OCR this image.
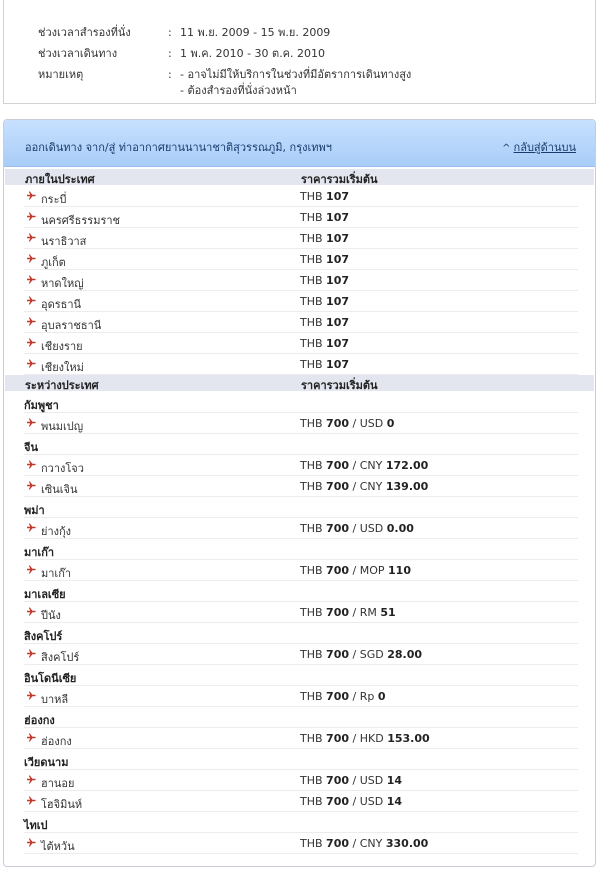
ช่วงเวลาสำรองที่นั่ง	: 11 พ.ย. 2009 - 15 พ.ย. 2009
ช่วงเวลาเดินทาง	: 1 พ.ค. 2010 - 30 ต.ค. 2010
หมายเหตุ	: - อาจไม่มีให้บริการในช่วงที่มีอัตราการเดินทางสูง
- ต้องสำรองที่นั่งล่วงหน้า
ออกเดินทาง จาก/สู่ ท่าอากาศยานนานาชาติสุวรรณภูมิ, กรุงเทพฯ	^ กลับสู่ด้านบน
ภายในประเทศ	ราคารวมเริ่มต้น
กระบี่	THB 107
นครศรีธรรมราช	THB 107
นราธิวาส	THB 107
ภูเก็ต	THB 107
หาดใหญ่	THB 107
อุดรธานี	THB 107
อุบลราชธานี	THB 107
เชียงราย	THB 107
เชียงใหม่	THB 107
ระหว่างประเทศ	ราคารวมเริ่มต้น
กัมพูชา
พนมเปญ	THB 700 / USD 0
จีน
กวางโจว	THB 700 / CNY 172.00
เซินเจิน	THB 700 / CNY 139.00
พม่า
ย่างกุ้ง	THB 700 / USD 0.00
มาเก๊า
มาเก๊า	THB 700 / MOP 110
มาเลเซีย
ปีนัง	THB 700 / RM 51
สิงคโปร์
สิงคโปร์	THB 700 / SGD 28.00
อินโดนีเซีย
บาหลี	THB 700 / Rp 0
ฮ่องกง
ฮ่องกง	THB 700 / HKD 153.00
เวียดนาม
ฮานอย	THB 700 / USD 14
โฮจิมินห์	THB 700 / USD 14
ไทเป
ไต้หวัน	THB 700 / CNY 330.00
